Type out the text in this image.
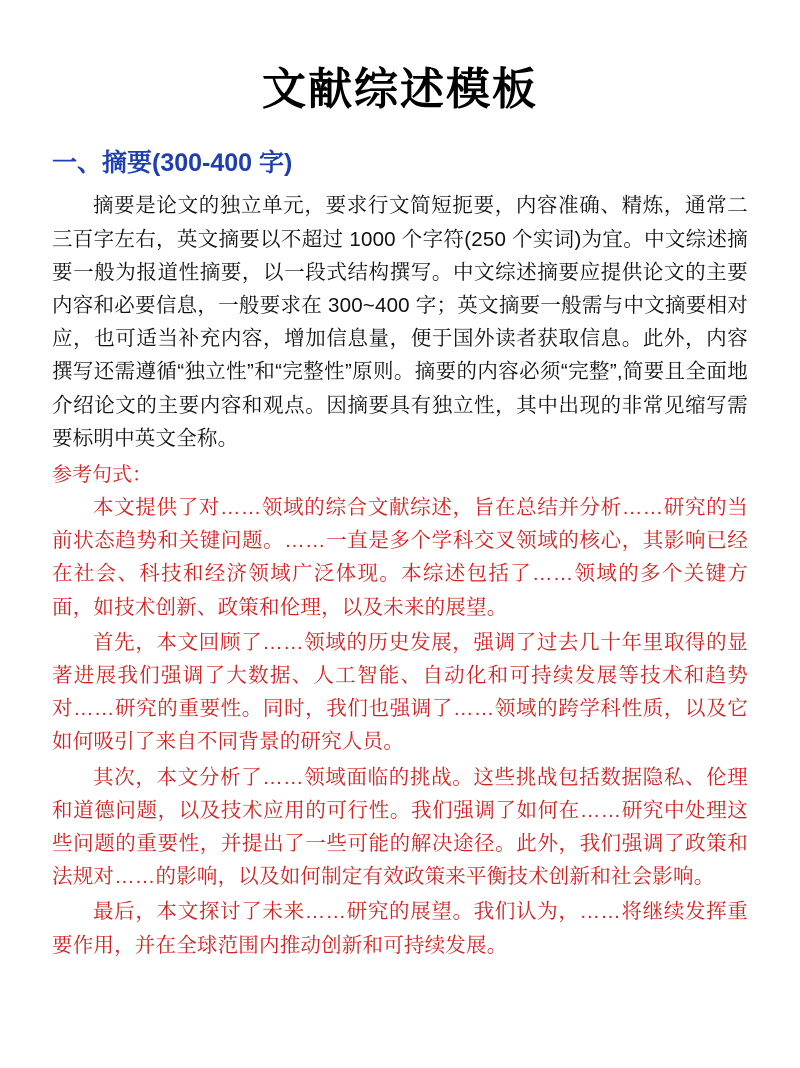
文献综述模板
一、摘要(300-400 字)

摘要是论文的独立单元，要求行文简短扼要，内容准确、精炼，通常二三百字左右，英文摘要以不超过 1000 个字符(250 个实词)为宜。中文综述摘要一般为报道性摘要，以一段式结构撰写。中文综述摘要应提供论文的主要内容和必要信息，一般要求在 300~400 字；英文摘要一般需与中文摘要相对应，也可适当补充内容，增加信息量，便于国外读者获取信息。此外，内容撰写还需遵循“独立性”和“完整性”原则。摘要的内容必须“完整”,简要且全面地介绍论文的主要内容和观点。因摘要具有独立性，其中出现的非常见缩写需要标明中英文全称。

参考句式：

本文提供了对……领域的综合文献综述，旨在总结并分析……研究的当前状态趋势和关键问题。……一直是多个学科交叉领域的核心，其影响已经在社会、科技和经济领域广泛体现。本综述包括了……领域的多个关键方面，如技术创新、政策和伦理，以及未来的展望。

首先，本文回顾了……领域的历史发展，强调了过去几十年里取得的显著进展我们强调了大数据、人工智能、自动化和可持续发展等技术和趋势对……研究的重要性。同时，我们也强调了……领域的跨学科性质，以及它如何吸引了来自不同背景的研究人员。

其次，本文分析了……领域面临的挑战。这些挑战包括数据隐私、伦理和道德问题，以及技术应用的可行性。我们强调了如何在……研究中处理这些问题的重要性，并提出了一些可能的解决途径。此外，我们强调了政策和法规对……的影响，以及如何制定有效政策来平衡技术创新和社会影响。

最后，本文探讨了未来……研究的展望。我们认为，……将继续发挥重要作用，并在全球范围内推动创新和可持续发展。
